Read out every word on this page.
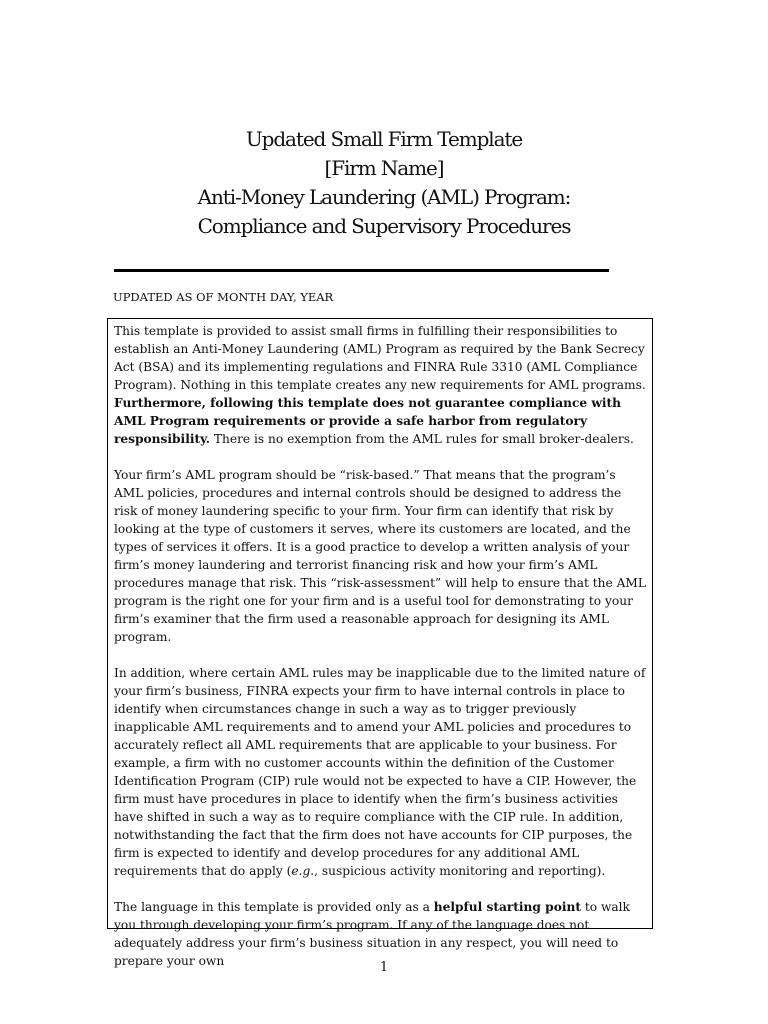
Updated Small Firm Template
[Firm Name]
Anti-Money Laundering (AML) Program:
Compliance and Supervisory Procedures
UPDATED AS OF MONTH DAY, YEAR

This template is provided to assist small firms in fulfilling their responsibilities to establish an Anti-Money Laundering (AML) Program as required by the Bank Secrecy Act (BSA) and its implementing regulations and FINRA Rule 3310 (AML Compliance Program). Nothing in this template creates any new requirements for AML programs. Furthermore, following this template does not guarantee compliance with AML Program requirements or provide a safe harbor from regulatory responsibility. There is no exemption from the AML rules for small broker-dealers.

Your firm’s AML program should be “risk-based.” That means that the program’s AML policies, procedures and internal controls should be designed to address the risk of money laundering specific to your firm. Your firm can identify that risk by looking at the type of customers it serves, where its customers are located, and the types of services it offers. It is a good practice to develop a written analysis of your firm’s money laundering and terrorist financing risk and how your firm’s AML procedures manage that risk. This “risk-assessment” will help to ensure that the AML program is the right one for your firm and is a useful tool for demonstrating to your firm’s examiner that the firm used a reasonable approach for designing its AML program.

In addition, where certain AML rules may be inapplicable due to the limited nature of your firm’s business, FINRA expects your firm to have internal controls in place to identify when circumstances change in such a way as to trigger previously inapplicable AML requirements and to amend your AML policies and procedures to accurately reflect all AML requirements that are applicable to your business. For example, a firm with no customer accounts within the definition of the Customer Identification Program (CIP) rule would not be expected to have a CIP. However, the firm must have procedures in place to identify when the firm’s business activities have shifted in such a way as to require compliance with the CIP rule. In addition, notwithstanding the fact that the firm does not have accounts for CIP purposes, the firm is expected to identify and develop procedures for any additional AML requirements that do apply (e.g., suspicious activity monitoring and reporting).

The language in this template is provided only as a helpful starting point to walk you through developing your firm’s program. If any of the language does not adequately address your firm’s business situation in any respect, you will need to prepare your own	1
